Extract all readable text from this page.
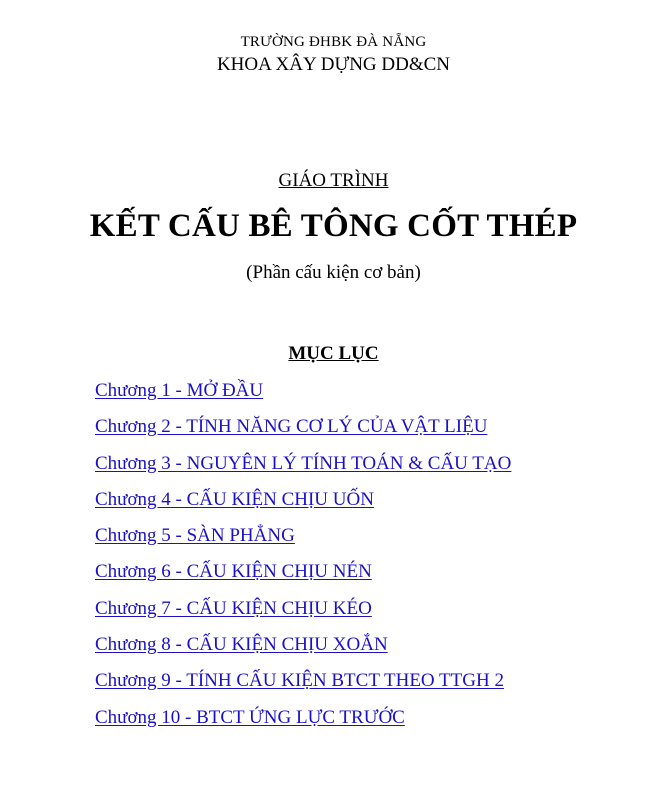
TRƯỜNG ĐHBK ĐÀ NẴNG
KHOA XÂY DỰNG DD&CN
GIÁO TRÌNH
KẾT CẤU BÊ TÔNG CỐT THÉP
(Phần cấu kiện cơ bản)
MỤC LỤC
Chương 1 - MỞ ĐẦU
Chương 2 - TÍNH NĂNG CƠ LÝ CỦA VẬT LIỆU
Chương 3 - NGUYÊN LÝ TÍNH TOÁN & CẤU TẠO
Chương 4 - CẤU KIỆN CHỊU UỐN
Chương 5 - SÀN PHẲNG
Chương 6 - CẤU KIỆN CHỊU NÉN
Chương 7 - CẤU KIỆN CHỊU KÉO
Chương 8 - CẤU KIỆN CHỊU XOẮN
Chương 9 - TÍNH CẤU KIỆN BTCT THEO TTGH 2
Chương 10 - BTCT ỨNG LỰC TRƯỚC
